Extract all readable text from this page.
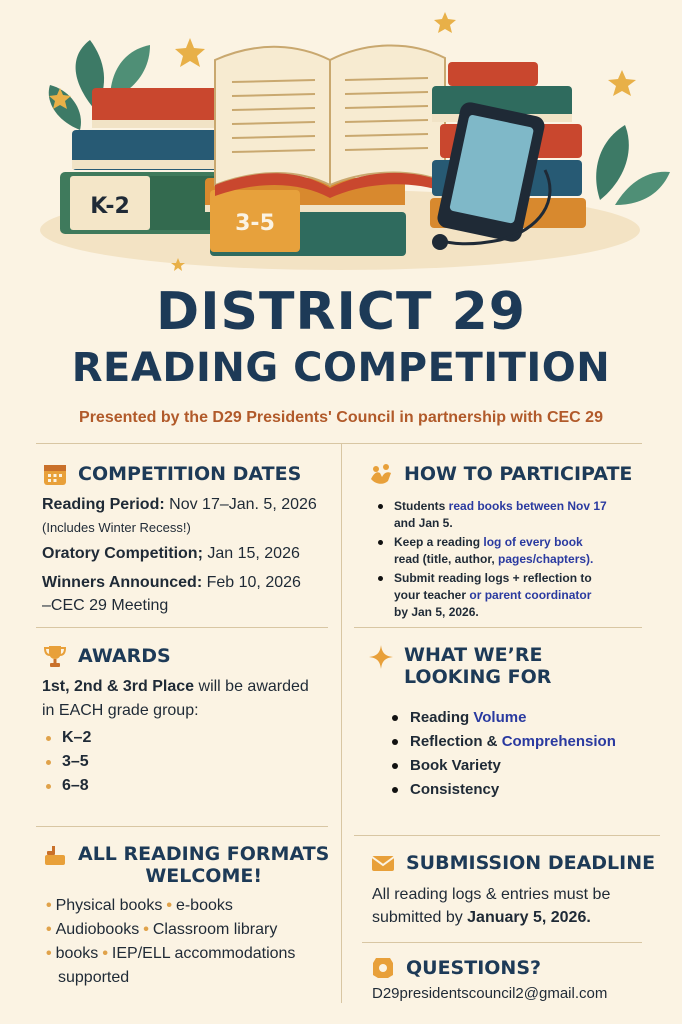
K-2
3-5
DISTRICT 29
READING COMPETITION
Presented by the D29 Presidents' Council in partnership with CEC 29
COMPETITION DATES
Reading Period: Nov 17–Jan. 5, 2026
(Includes Winter Recess!)
Oratory Competition; Jan 15, 2026
Winners Announced: Feb 10, 2026
–CEC 29 Meeting
HOW TO PARTICIPATE
Students read books between Nov 17
and Jan 5.
Keep a reading log of every book
read (title, author, pages/chapters).
Submit reading logs + reflection to
your teacher or parent coordinator
by Jan 5, 2026.
AWARDS
1st, 2nd & 3rd Place will be awarded
in EACH grade group:
K–2
3–5
6–8
WHAT WE’RE
LOOKING FOR
Reading Volume
Reflection & Comprehension
Book Variety
Consistency
ALL READING FORMATS
WELCOME!
• Physical books • e-books
• Audiobooks • Classroom library
• books • IEP/ELL accommodations
supported
SUBMISSION DEADLINE
All reading logs & entries must be
submitted by January 5, 2026.
QUESTIONS?
D29presidentscouncil2@gmail.com
